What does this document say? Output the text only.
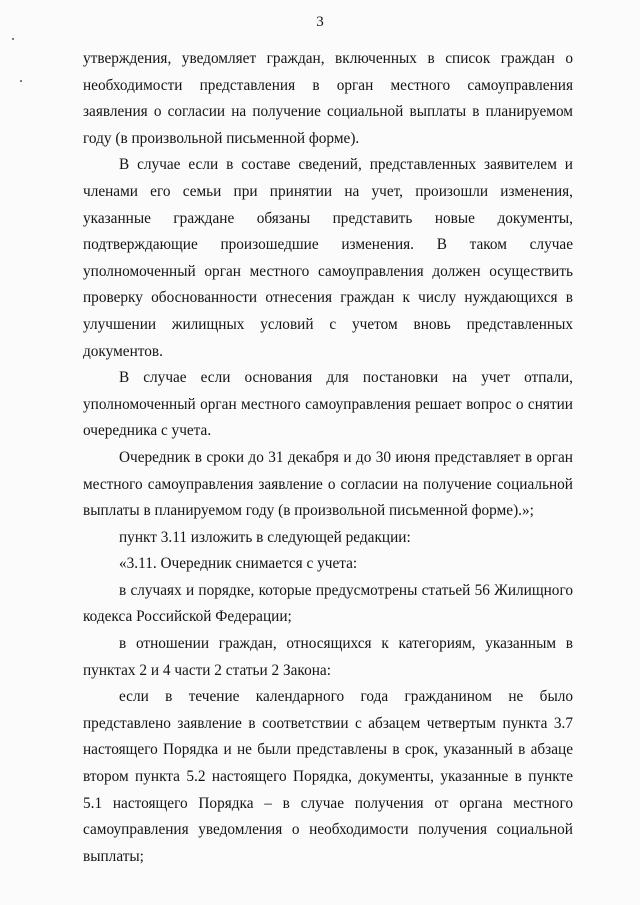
3

утверждения, уведомляет граждан, включенных в список граждан о необходимости представления в орган местного самоуправления заявления о согласии на получение социальной выплаты в планируемом году (в произвольной письменной форме).

В случае если в составе сведений, представленных заявителем и членами его семьи при принятии на учет, произошли изменения, указанные граждане обязаны представить новые документы, подтверждающие произошедшие изменения. В таком случае уполномоченный орган местного самоуправления должен осуществить проверку обоснованности отнесения граждан к числу нуждающихся в улучшении жилищных условий с учетом вновь представленных документов.

В случае если основания для постановки на учет отпали, уполномоченный орган местного самоуправления решает вопрос о снятии очередника с учета.

Очередник в сроки до 31 декабря и до 30 июня представляет в орган местного самоуправления заявление о согласии на получение социальной выплаты в планируемом году (в произвольной письменной форме).»;

пункт 3.11 изложить в следующей редакции:

«3.11. Очередник снимается с учета:

в случаях и порядке, которые предусмотрены статьей 56 Жилищного кодекса Российской Федерации;

в отношении граждан, относящихся к категориям, указанным в пунктах 2 и 4 части 2 статьи 2 Закона:

если в течение календарного года гражданином не было представлено заявление в соответствии с абзацем четвертым пункта 3.7 настоящего Порядка и не были представлены в срок, указанный в абзаце втором пункта 5.2 настоящего Порядка, документы, указанные в пункте 5.1 настоящего Порядка – в случае получения от органа местного самоуправления уведомления о необходимости получения социальной выплаты;
